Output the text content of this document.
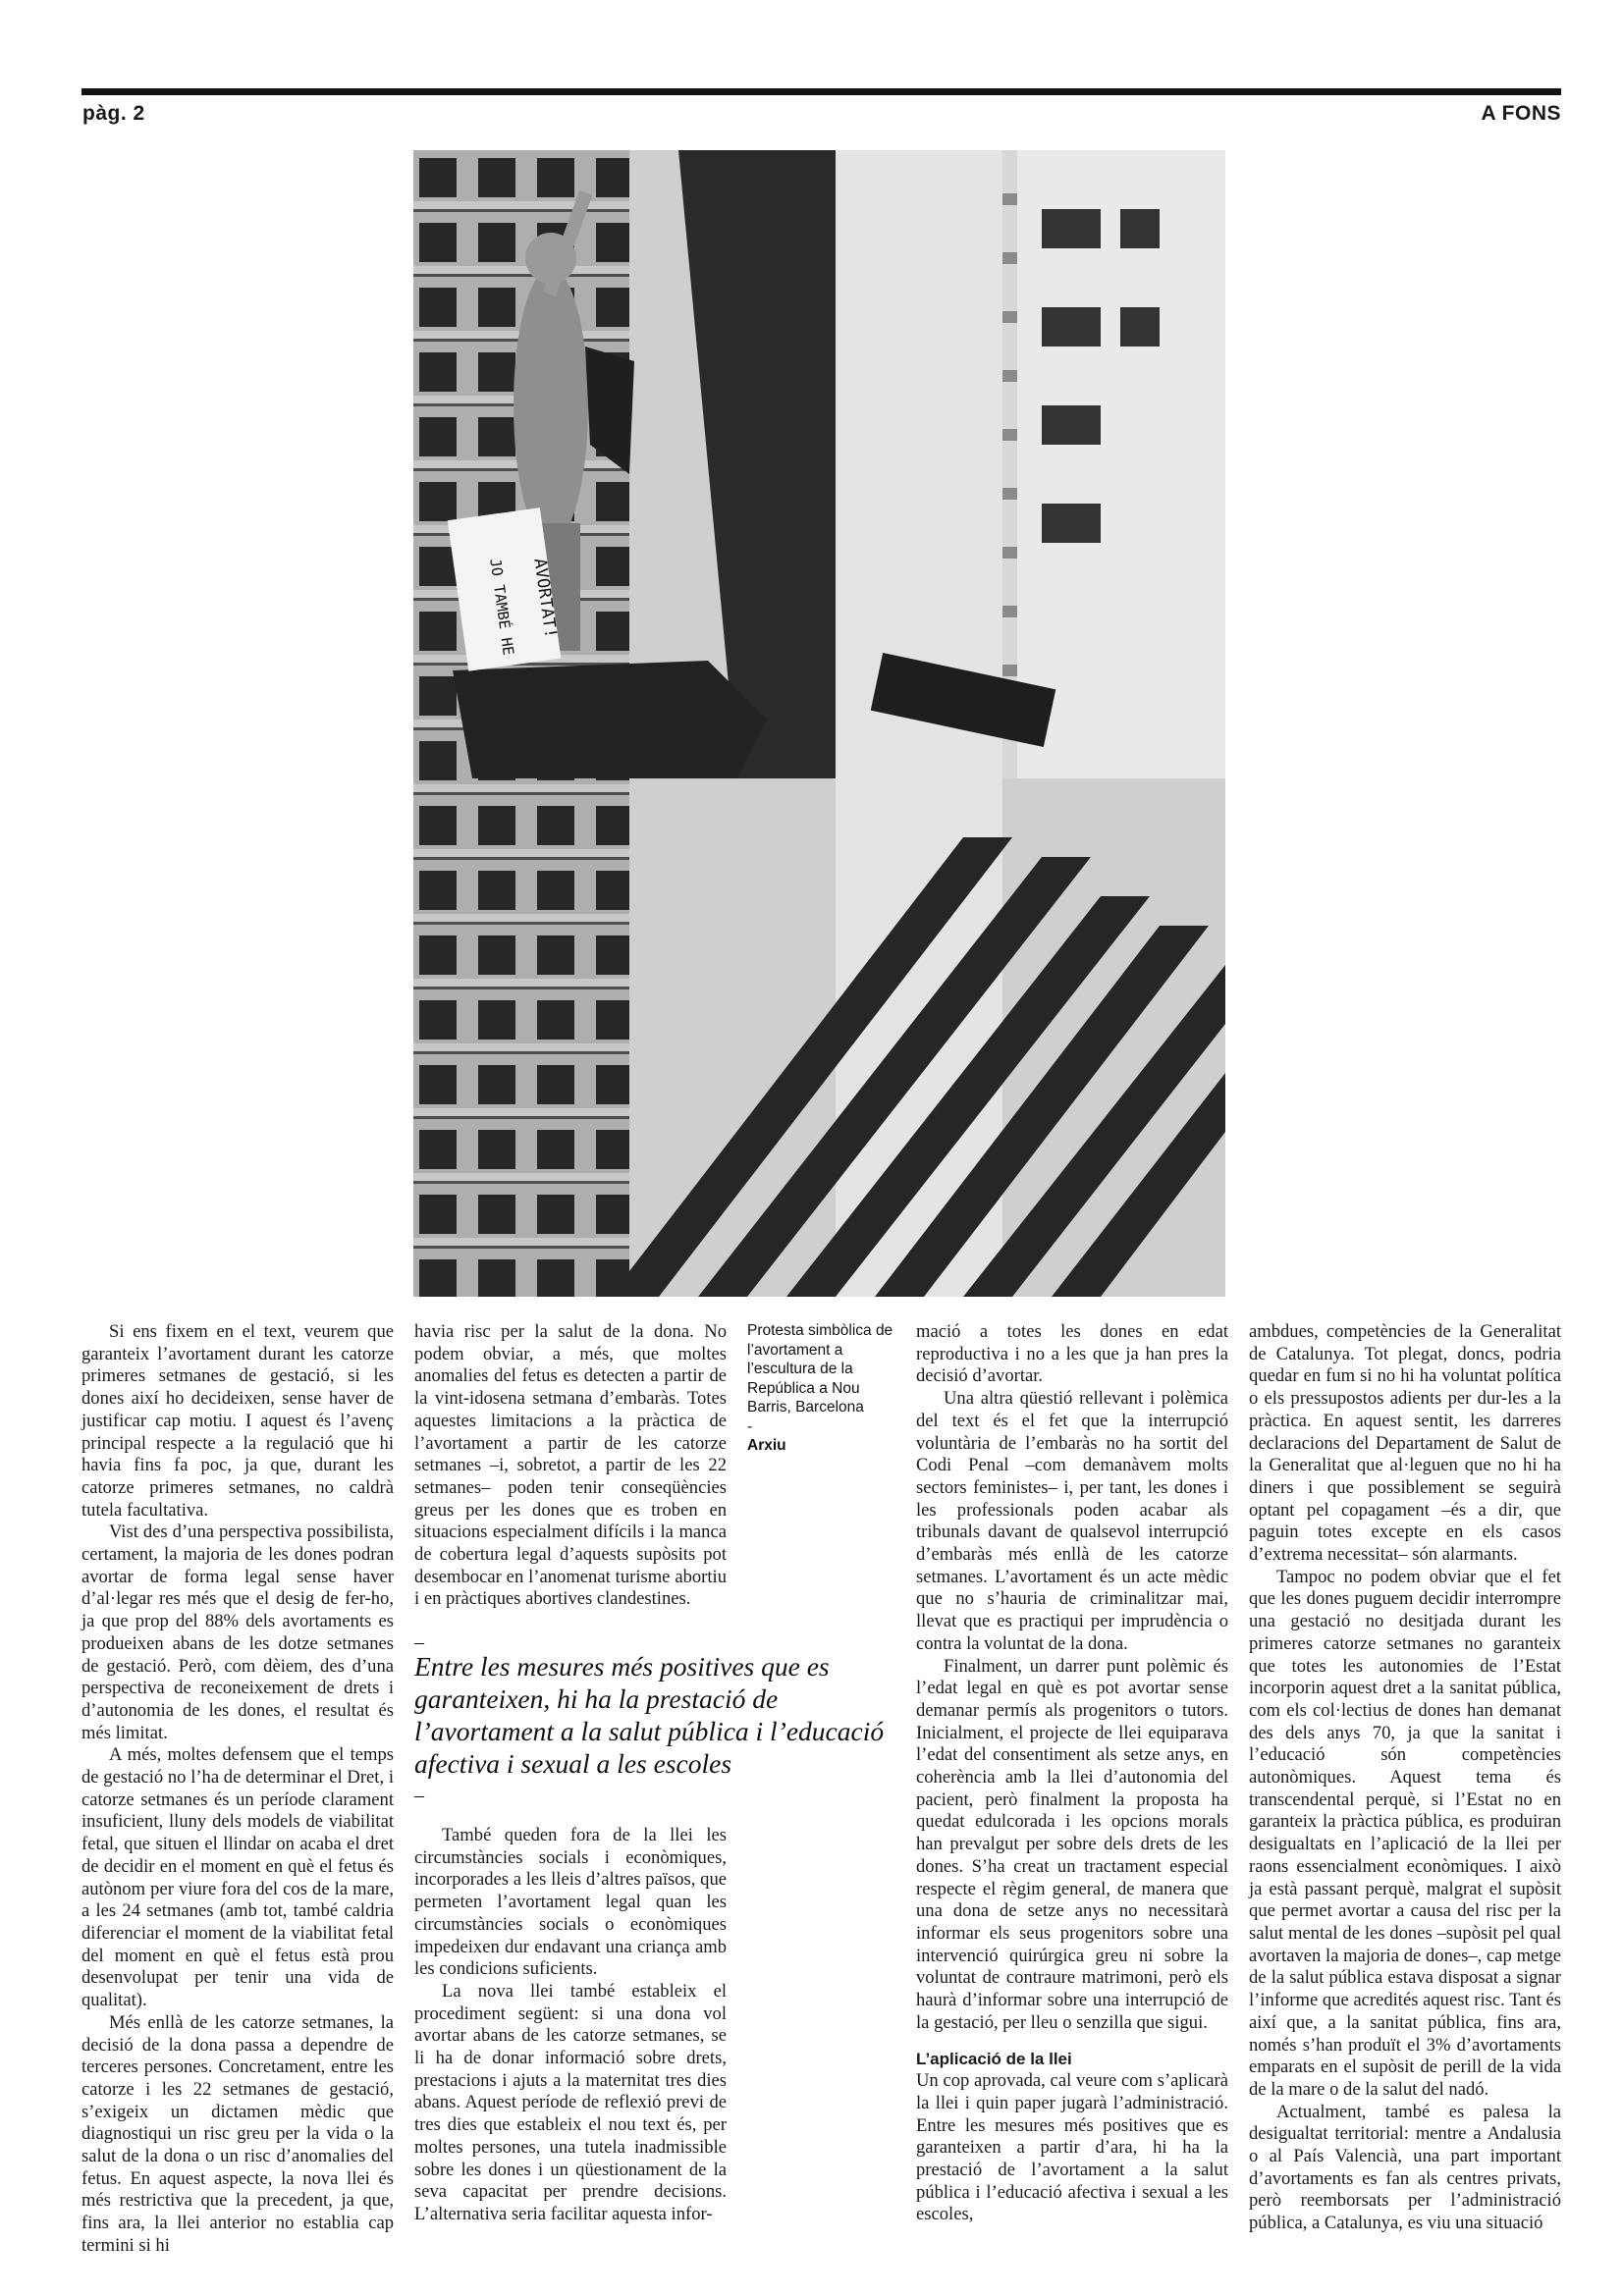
pàg. 2	A FONS
JO TAMBÉ HE AVORTAT!

Si ens fixem en el text, veurem que garanteix l’avortament durant les catorze primeres setmanes de gestació, si les dones així ho decideixen, sense haver de justificar cap motiu. I aquest és l’avenç principal respecte a la regulació que hi havia fins fa poc, ja que, durant les catorze primeres setmanes, no caldrà tutela facultativa.

Vist des d’una perspectiva possibilista, certament, la majoria de les dones podran avortar de forma legal sense haver d’al·legar res més que el desig de fer-ho, ja que prop del 88% dels avortaments es produeixen abans de les dotze setmanes de gestació. Però, com dèiem, des d’una perspectiva de reconeixement de drets i d’autonomia de les dones, el resultat és més limitat.

A més, moltes defensem que el temps de gestació no l’ha de determinar el Dret, i catorze setmanes és un període clarament insuficient, lluny dels models de viabilitat fetal, que situen el llindar on acaba el dret de decidir en el moment en què el fetus és autònom per viure fora del cos de la mare, a les 24 setmanes (amb tot, també caldria diferenciar el moment de la viabilitat fetal del moment en què el fetus està prou desenvolupat per tenir una vida de qualitat).

Més enllà de les catorze setmanes, la decisió de la dona passa a dependre de terceres persones. Concretament, entre les catorze i les 22 setmanes de gestació, s’exigeix un dictamen mèdic que diagnostiqui un risc greu per la vida o la salut de la dona o un risc d’anomalies del fetus. En aquest aspecte, la nova llei és més restrictiva que la precedent, ja que, fins ara, la llei anterior no establia cap termini si hi

havia risc per la salut de la dona. No podem obviar, a més, que moltes anomalies del fetus es detecten a partir de la vint-idosena setmana d’embaràs. Totes aquestes limitacions a la pràctica de l’avortament a partir de les catorze setmanes –i, sobretot, a partir de les 22 setmanes– poden tenir conseqüències greus per les dones que es troben en situacions especialment difícils i la manca de cobertura legal d’aquests supòsits pot desembocar en l’anomenat turisme abortiu i en pràctiques abortives clandestines.

–
Entre les mesures més positives que es garanteixen, hi ha la prestació de l’avortament a la salut pública i l’educació afectiva i sexual a les escoles
–

També queden fora de la llei les circumstàncies socials i econòmiques, incorporades a les lleis d’altres països, que permeten l’avortament legal quan les circumstàncies socials o econòmiques impedeixen dur endavant una criança amb les condicions suficients.

La nova llei també estableix el procediment següent: si una dona vol avortar abans de les catorze setmanes, se li ha de donar informació sobre drets, prestacions i ajuts a la maternitat tres dies abans. Aquest període de reflexió previ de tres dies que estableix el nou text és, per moltes persones, una tutela inadmissible sobre les dones i un qüestionament de la seva capacitat per prendre decisions. L’alternativa seria facilitar aquesta infor-

Protesta simbòlica de l’avortament a l’escultura de la República a Nou Barris, Barcelona
-
Arxiu

mació a totes les dones en edat reproductiva i no a les que ja han pres la decisió d’avortar.

Una altra qüestió rellevant i polèmica del text és el fet que la interrupció voluntària de l’embaràs no ha sortit del Codi Penal –com demanàvem molts sectors feministes– i, per tant, les dones i les professionals poden acabar als tribunals davant de qualsevol interrupció d’embaràs més enllà de les catorze setmanes. L’avortament és un acte mèdic que no s’hauria de criminalitzar mai, llevat que es practiqui per imprudència o contra la voluntat de la dona.

Finalment, un darrer punt polèmic és l’edat legal en què es pot avortar sense demanar permís als progenitors o tutors. Inicialment, el projecte de llei equiparava l’edat del consentiment als setze anys, en coherència amb la llei d’autonomia del pacient, però finalment la proposta ha quedat edulcorada i les opcions morals han prevalgut per sobre dels drets de les dones. S’ha creat un tractament especial respecte el règim general, de manera que una dona de setze anys no necessitarà informar els seus progenitors sobre una intervenció quirúrgica greu ni sobre la voluntat de contraure matrimoni, però els haurà d’informar sobre una interrupció de la gestació, per lleu o senzilla que sigui.

L’aplicació de la llei

Un cop aprovada, cal veure com s’aplicarà la llei i quin paper jugarà l’administració. Entre les mesures més positives que es garanteixen a partir d’ara, hi ha la prestació de l’avortament a la salut pública i l’educació afectiva i sexual a les escoles,

ambdues, competències de la Generalitat de Catalunya. Tot plegat, doncs, podria quedar en fum si no hi ha voluntat política o els pressupostos adients per dur-les a la pràctica. En aquest sentit, les darreres declaracions del Departament de Salut de la Generalitat que al·leguen que no hi ha diners i que possiblement se seguirà optant pel copagament –és a dir, que paguin totes excepte en els casos d’extrema necessitat– són alarmants.

Tampoc no podem obviar que el fet que les dones puguem decidir interrompre una gestació no desitjada durant les primeres catorze setmanes no garanteix que totes les autonomies de l’Estat incorporin aquest dret a la sanitat pública, com els col·lectius de dones han demanat des dels anys 70, ja que la sanitat i l’educació són competències autonòmiques. Aquest tema és transcendental perquè, si l’Estat no en garanteix la pràctica pública, es produiran desigualtats en l’aplicació de la llei per raons essencialment econòmiques. I això ja està passant perquè, malgrat el supòsit que permet avortar a causa del risc per la salut mental de les dones –supòsit pel qual avortaven la majoria de dones–, cap metge de la salut pública estava disposat a signar l’informe que acredités aquest risc. Tant és així que, a la sanitat pública, fins ara, només s’han produït el 3% d’avortaments emparats en el supòsit de perill de la vida de la mare o de la salut del nadó.

Actualment, també es palesa la desigualtat territorial: mentre a Andalusia o al País Valencià, una part important d’avortaments es fan als centres privats, però reemborsats per l’administració pública, a Catalunya, es viu una situació
